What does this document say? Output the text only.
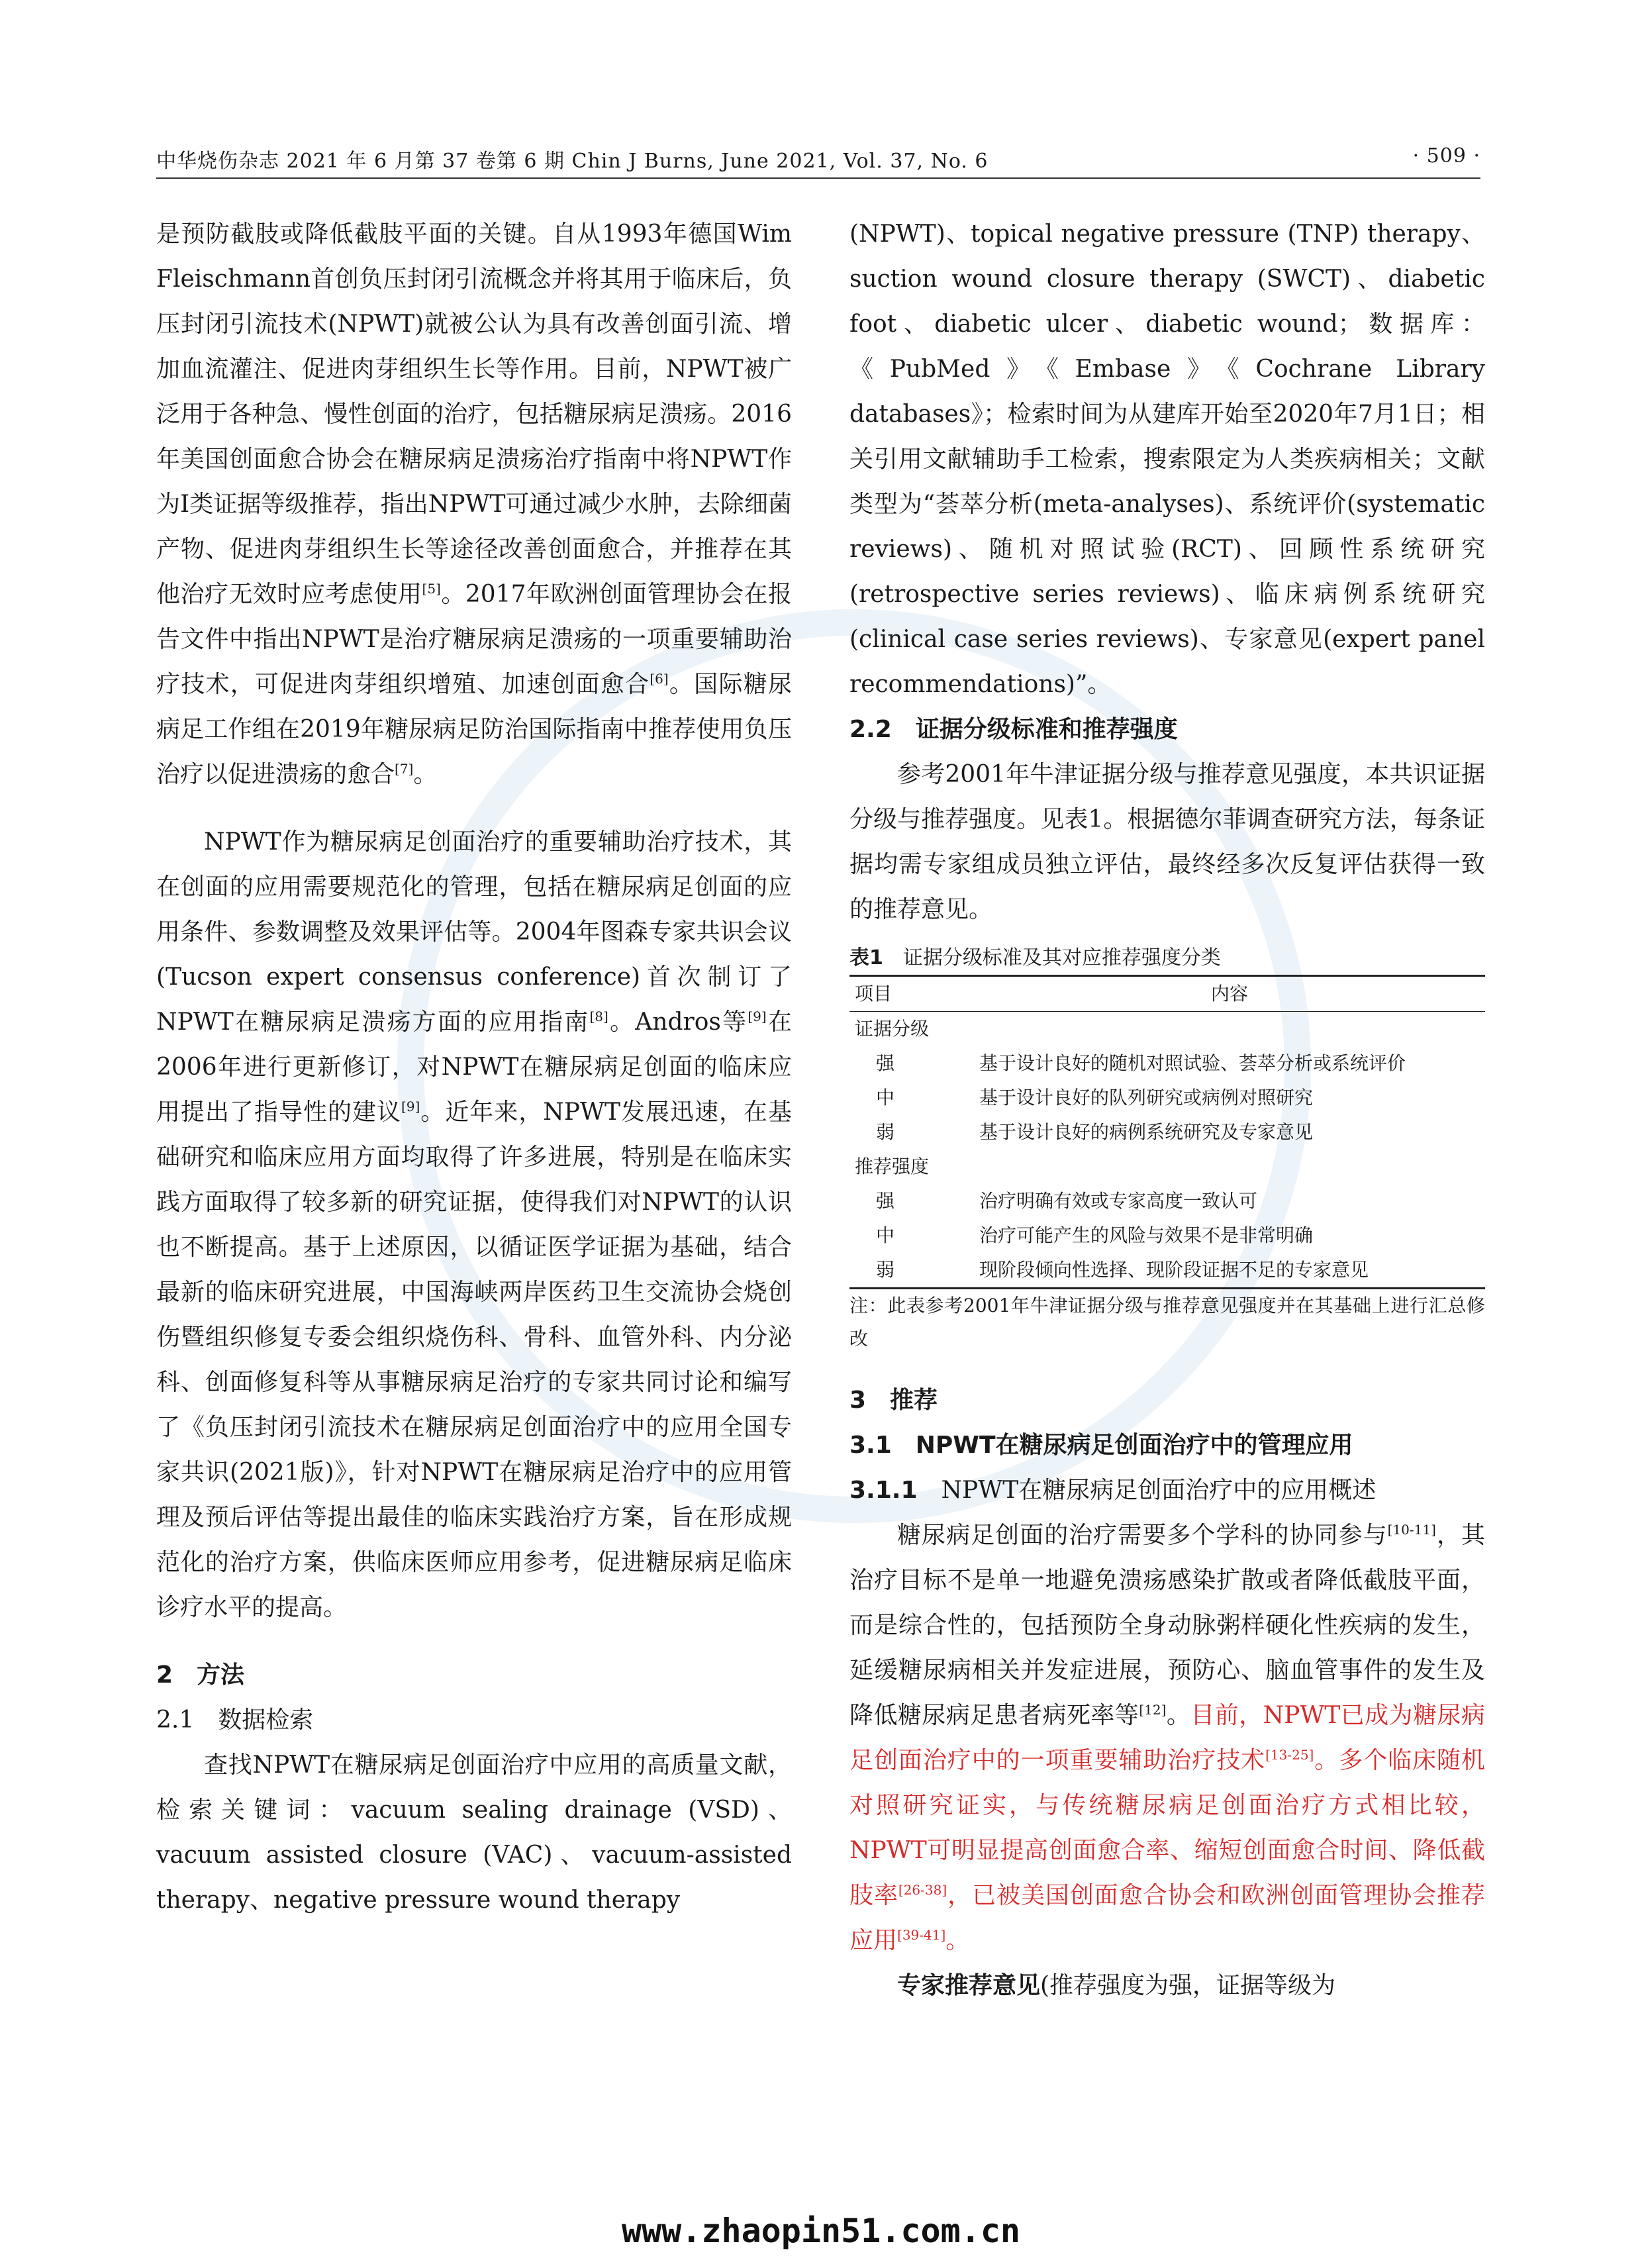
中华烧伤杂志 2021 年 6 月第 37 卷第 6 期 Chin J Burns, June 2021, Vol. 37, No. 6	· 509 ·

是预防截肢或降低截肢平面的关键。自从1993年德国Wim Fleischmann首创负压封闭引流概念并将其用于临床后，负压封闭引流技术(NPWT)就被公认为具有改善创面引流、增加血流灌注、促进肉芽组织生长等作用。目前，NPWT被广泛用于各种急、慢性创面的治疗，包括糖尿病足溃疡。2016年美国创面愈合协会在糖尿病足溃疡治疗指南中将NPWT作为Ⅰ类证据等级推荐，指出NPWT可通过减少水肿，去除细菌产物、促进肉芽组织生长等途径改善创面愈合，并推荐在其他治疗无效时应考虑使用[5]。2017年欧洲创面管理协会在报告文件中指出NPWT是治疗糖尿病足溃疡的一项重要辅助治疗技术，可促进肉芽组织增殖、加速创面愈合[6]。国际糖尿病足工作组在2019年糖尿病足防治国际指南中推荐使用负压治疗以促进溃疡的愈合[7]。

NPWT作为糖尿病足创面治疗的重要辅助治疗技术，其在创面的应用需要规范化的管理，包括在糖尿病足创面的应用条件、参数调整及效果评估等。2004年图森专家共识会议(Tucson expert consensus conference)首次制订了NPWT在糖尿病足溃疡方面的应用指南[8]。Andros等[9]在2006年进行更新修订，对NPWT在糖尿病足创面的临床应用提出了指导性的建议[9]。近年来，NPWT发展迅速，在基础研究和临床应用方面均取得了许多进展，特别是在临床实践方面取得了较多新的研究证据，使得我们对NPWT的认识也不断提高。基于上述原因，以循证医学证据为基础，结合最新的临床研究进展，中国海峡两岸医药卫生交流协会烧创伤暨组织修复专委会组织烧伤科、骨科、血管外科、内分泌科、创面修复科等从事糖尿病足治疗的专家共同讨论和编写了《负压封闭引流技术在糖尿病足创面治疗中的应用全国专家共识(2021版)》，针对NPWT在糖尿病足治疗中的应用管理及预后评估等提出最佳的临床实践治疗方案，旨在形成规范化的治疗方案，供临床医师应用参考，促进糖尿病足临床诊疗水平的提高。

2　方法

2.1　数据检索

查找NPWT在糖尿病足创面治疗中应用的高质量文献，检索关键词：vacuum sealing drainage (VSD)、vacuum assisted closure (VAC)、vacuum-assisted therapy、negative pressure wound therapy

(NPWT)、topical negative pressure (TNP) therapy、suction wound closure therapy (SWCT)、diabetic foot、diabetic ulcer、diabetic wound；数据库：《PubMed》《Embase》《Cochrane Library databases》；检索时间为从建库开始至2020年7月1日；相关引用文献辅助手工检索，搜索限定为人类疾病相关；文献类型为“荟萃分析(meta-analyses)、系统评价(systematic reviews)、随机对照试验(RCT)、回顾性系统研究(retrospective series reviews)、临床病例系统研究(clinical case series reviews)、专家意见(expert panel recommendations)”。

2.2　证据分级标准和推荐强度

参考2001年牛津证据分级与推荐意见强度，本共识证据分级与推荐强度。见表1。根据德尔菲调查研究方法，每条证据均需专家组成员独立评估，最终经多次反复评估获得一致的推荐意见。

表1　 证据分级标准及其对应推荐强度分类

项目	内容
证据分级	
强	基于设计良好的随机对照试验、荟萃分析或系统评价
中	基于设计良好的队列研究或病例对照研究
弱	基于设计良好的病例系统研究及专家意见
推荐强度	
强	治疗明确有效或专家高度一致认可
中	治疗可能产生的风险与效果不是非常明确
弱	现阶段倾向性选择、现阶段证据不足的专家意见

注：此表参考2001年牛津证据分级与推荐意见强度并在其基础上进行汇总修改

3　推荐

3.1　NPWT在糖尿病足创面治疗中的管理应用

3.1.1　 NPWT在糖尿病足创面治疗中的应用概述

糖尿病足创面的治疗需要多个学科的协同参与[10-11]，其治疗目标不是单一地避免溃疡感染扩散或者降低截肢平面，而是综合性的，包括预防全身动脉粥样硬化性疾病的发生，延缓糖尿病相关并发症进展，预防心、脑血管事件的发生及降低糖尿病足患者病死率等[12]。目前，NPWT已成为糖尿病足创面治疗中的一项重要辅助治疗技术[13-25]。多个临床随机对照研究证实，与传统糖尿病足创面治疗方式相比较，NPWT可明显提高创面愈合率、缩短创面愈合时间、降低截肢率[26-38]，已被美国创面愈合协会和欧洲创面管理协会推荐应用[39-41]。

专家推荐意见(推荐强度为强，证据等级为

www.zhaopin51.com.cn
